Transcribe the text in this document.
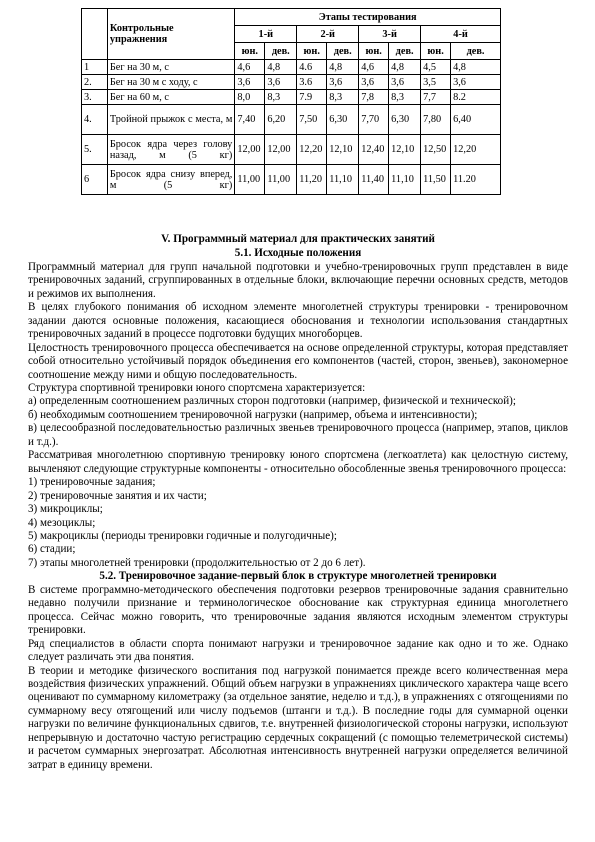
	Контрольные упражнения	Этапы тестирования							
		1-й		2-й		3-й		4-й	
		юн.	дев.	юн.	дев.	юн.	дев.	юн.	дев.
1	Бег на 30 м, с	4,6	4,8	4.6	4,8	4,6	4,8	4,5	4,8
2.	Бег на 30 м с ходу, с	3,6	3,6	3.6	3,6	3,6	3,6	3,5	3,6
3.	Бег на 60 м, с	8,0	8,3	7.9	8,3	7,8	8,3	7,7	8.2
4.	Тройной прыжок с места, м	7,40	6,20	7,50	6,30	7,70	6,30	7,80	6,40
5.	Бросок ядра через голову назад, м (5 кг)	12,00	12,00	12,20	12,10	12,40	12,10	12,50	12,20
6	Бросок ядра снизу вперед, м (5 кг)	11,00	11,00	11,20	11,10	11,40	11,10	11,50	11.20
V. Программный материал для практических занятий
5.1. Исходные положения

Программный материал для групп начальной подготовки и учебно-тренировочных групп представлен в виде тренировочных заданий, сгруппированных в отдельные блоки, включающие перечни основных средств, методов и режимов их выполнения.

В целях глубокого понимания об исходном элементе многолетней структуры тренировки - тренировочном задании даются основные положения, касающиеся обоснования и технологии использования стандартных тренировочных заданий в процессе подготовки будущих многоборцев.

Целостность тренировочного процесса обеспечивается на основе определенной структуры, которая представляет собой относительно устойчивый порядок объединения его компонентов (частей, сторон, звеньев), закономерное соотношение между ними и общую последовательность.

Структура спортивной тренировки юного спортсмена характеризуется:

а) определенным соотношением различных сторон подготовки (например, физической и технической);

б) необходимым соотношением тренировочной нагрузки (например, объема и интенсивности);

в) целесообразной последовательностью различных звеньев тренировочного процесса (например, этапов, циклов и т.д.).

Рассматривая многолетнюю спортивную тренировку юного спортсмена (легкоатлета) как целостную систему, вычленяют следующие структурные компоненты - относительно обособленные звенья тренировочного процесса:

1) тренировочные задания;

2) тренировочные занятия и их части;

3) микроциклы;

4) мезоциклы;

5) макроциклы (периоды тренировки годичные и полугодичные);

6) стадии;

7) этапы многолетней тренировки (продолжительностью от 2 до 6 лет).

5.2. Тренировочное задание-первый блок в структуре многолетней тренировки

В системе программно-методического обеспечения подготовки резервов тренировочные задания сравнительно недавно получили признание и терминологическое обоснование как структурная единица многолетнего процесса. Сейчас можно говорить, что тренировочные задания являются исходным элементом структуры тренировки.

Ряд специалистов в области спорта понимают нагрузки и тренировочное задание как одно и то же. Однако следует различать эти два понятия.

В теории и методике физического воспитания под нагрузкой понимается прежде всего количественная мера воздействия физических упражнений. Общий объем нагрузки в упражнениях циклического характера чаще всего оценивают по суммарному километражу (за отдельное занятие, неделю и т.д.), в упражнениях с отягощениями по суммарному весу отягощений или числу подъемов (штанги и т.д.). В последние годы для суммарной оценки нагрузки по величине функциональных сдвигов, т.е. внутренней физиологической стороны нагрузки, используют непрерывную и достаточно частую регистрацию сердечных сокращений (с помощью телеметрической системы) и расчетом суммарных энергозатрат. Абсолютная интенсивность внутренней нагрузки определяется величиной затрат в единицу времени.
